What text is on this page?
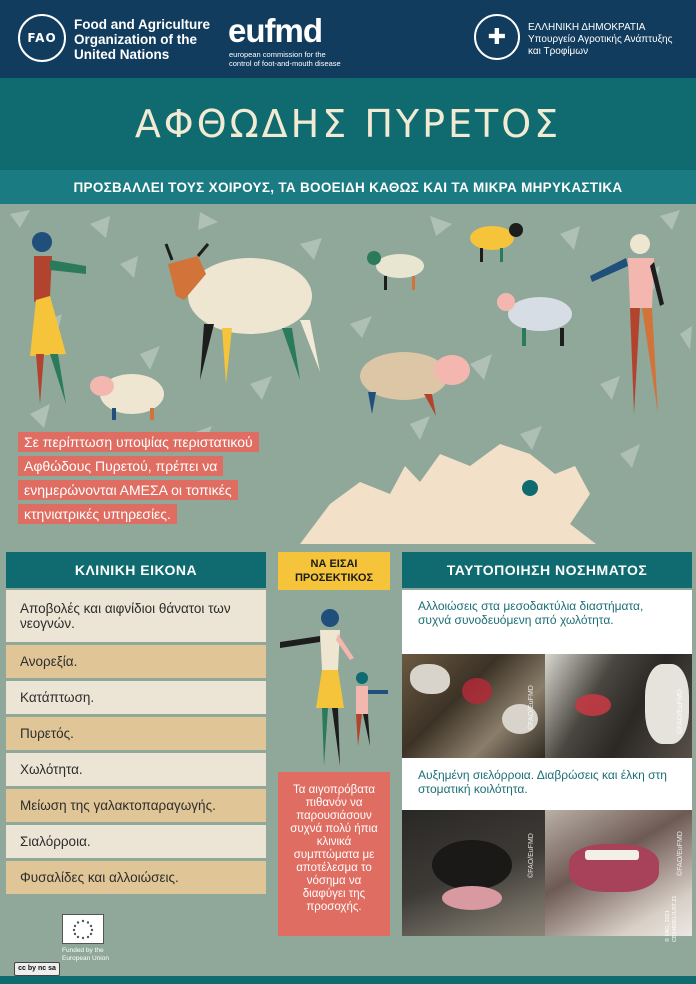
FAO
Food and Agriculture Organization of the United Nations
eufmd
european commission for the control of foot-and-mouth disease
✚	ΕΛΛΗΝΙΚΗ ΔΗΜΟΚΡΑΤΙΑ Υπουργείο Αγροτικής Ανάπτυξης και Τροφίμων
ΑΦΘΩΔΗΣ ΠΥΡΕΤΟΣ
ΠΡΟΣΒΑΛΛΕΙ ΤΟΥΣ ΧΟΙΡΟΥΣ, ΤΑ ΒΟΟΕΙΔΗ ΚΑΘΩΣ ΚΑΙ ΤΑ ΜΙΚΡΑ ΜΗΡΥΚΑΣΤΙΚΑ
Σε περίπτωση υποψίας περιστατικού
Αφθώδους Πυρετού, πρέπει να
ενημερώνονται ΑΜΕΣΑ οι τοπικές
κτηνιατρικές υπηρεσίες.
ΚΛΙΝΙΚΗ ΕΙΚΟΝΑ
Αποβολές και αιφνίδιοι θάνατοι των νεογνών.
Ανορεξία.
Κατάπτωση.
Πυρετός.
Χωλότητα.
Μείωση της γαλακτοπαραγωγής.
Σιαλόρροια.
Φυσαλίδες και αλλοιώσεις.
ΝΑ ΕΙΣΑΙ
ΠΡΟΣΕΚΤΙΚΟΣ
Τα αιγοπρόβατα πιθανόν να παρουσιάσουν συχνά πολύ ήπια κλινικά συμπτώματα με αποτέλεσμα το νόσημα να διαφύγει της προσοχής.
ΤΑΥΤΟΠΟΙΗΣΗ ΝΟΣΗΜΑΤΟΣ
Αλλοιώσεις στα μεσοδακτύλια διαστήματα, συχνά συνοδευόμενη από χωλότητα.
©FAO/EuFMD	©FAO/EuFMD
Αυξημένη σιελόρροια. Διαβρώσεις και έλκη στη στοματική κοιλότητα.
©FAO/EuFMD	©FAO/EuFMD
Funded by the European Union
cc by nc sa
© FAO, 2021 CB5482EL/1/07.21
